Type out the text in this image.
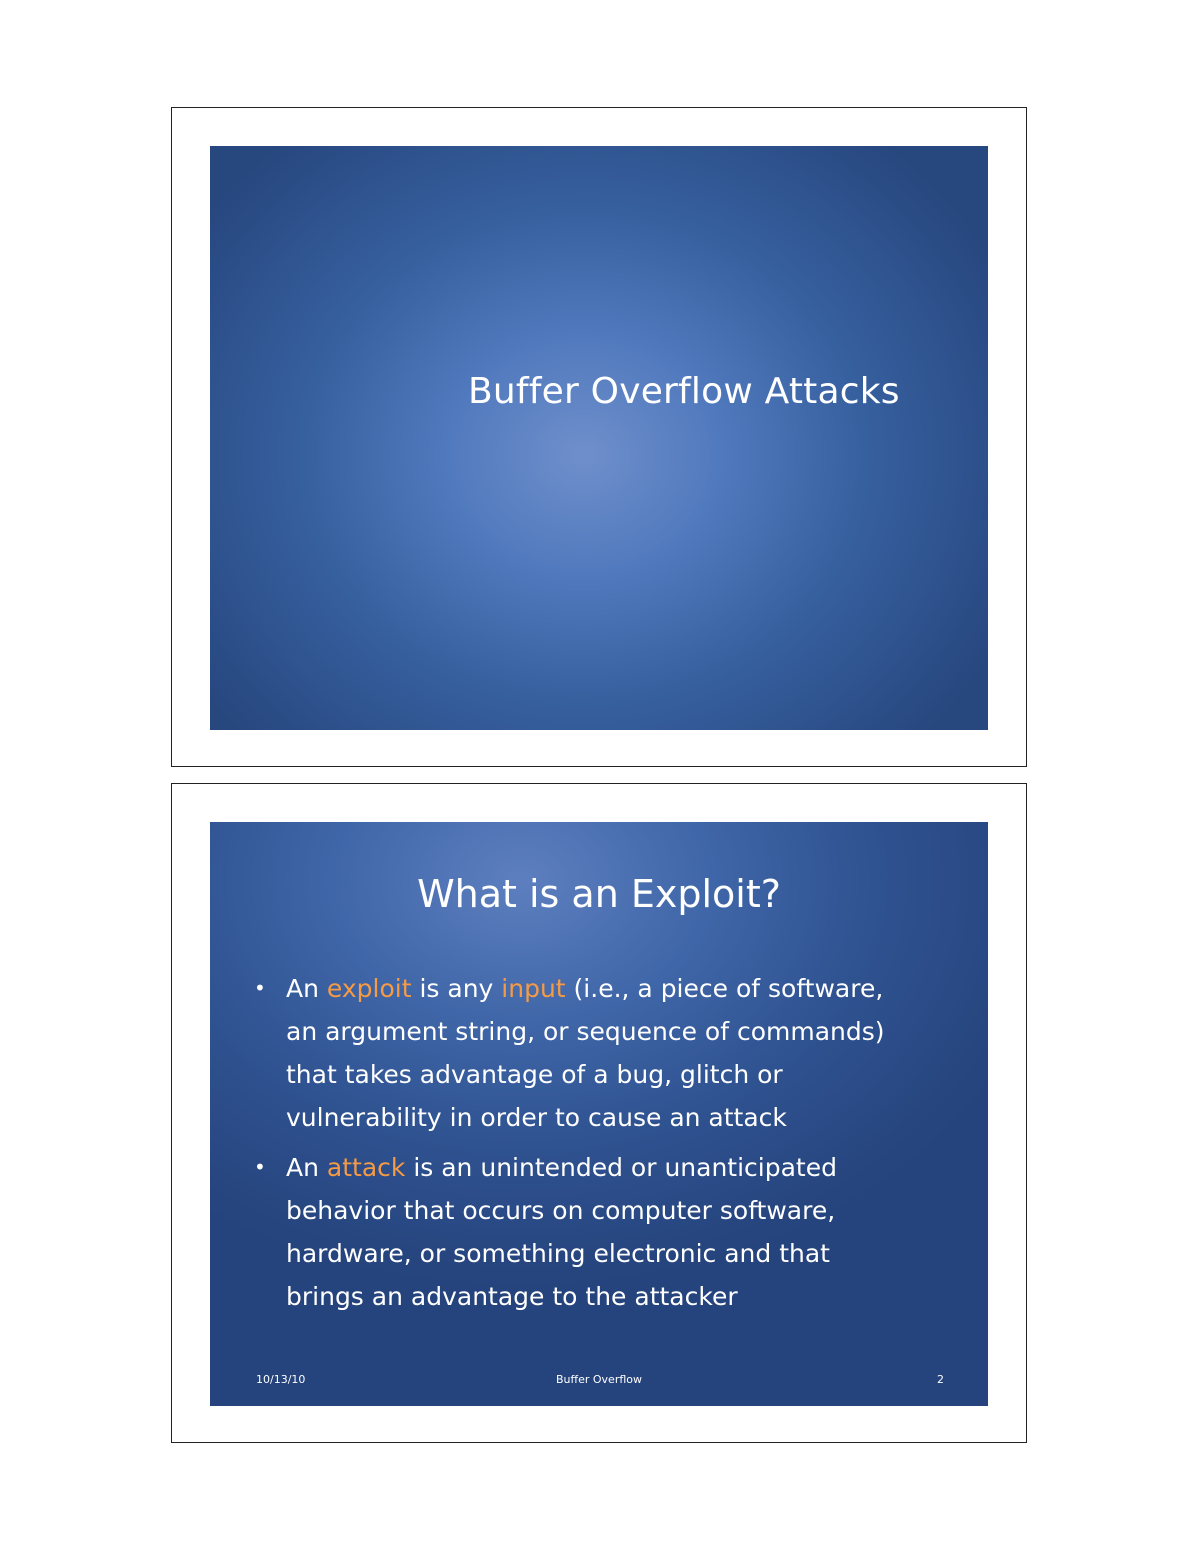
Buffer Overflow Attacks
What is an Exploit?
• An exploit is any input (i.e., a piece of software,
an argument string, or sequence of commands)
that takes advantage of a bug, glitch or
vulnerability in order to cause an attack
• An attack is an unintended or unanticipated
behavior that occurs on computer software,
hardware, or something electronic and that
brings an advantage to the attacker
10/13/10	Buffer Overflow	2
